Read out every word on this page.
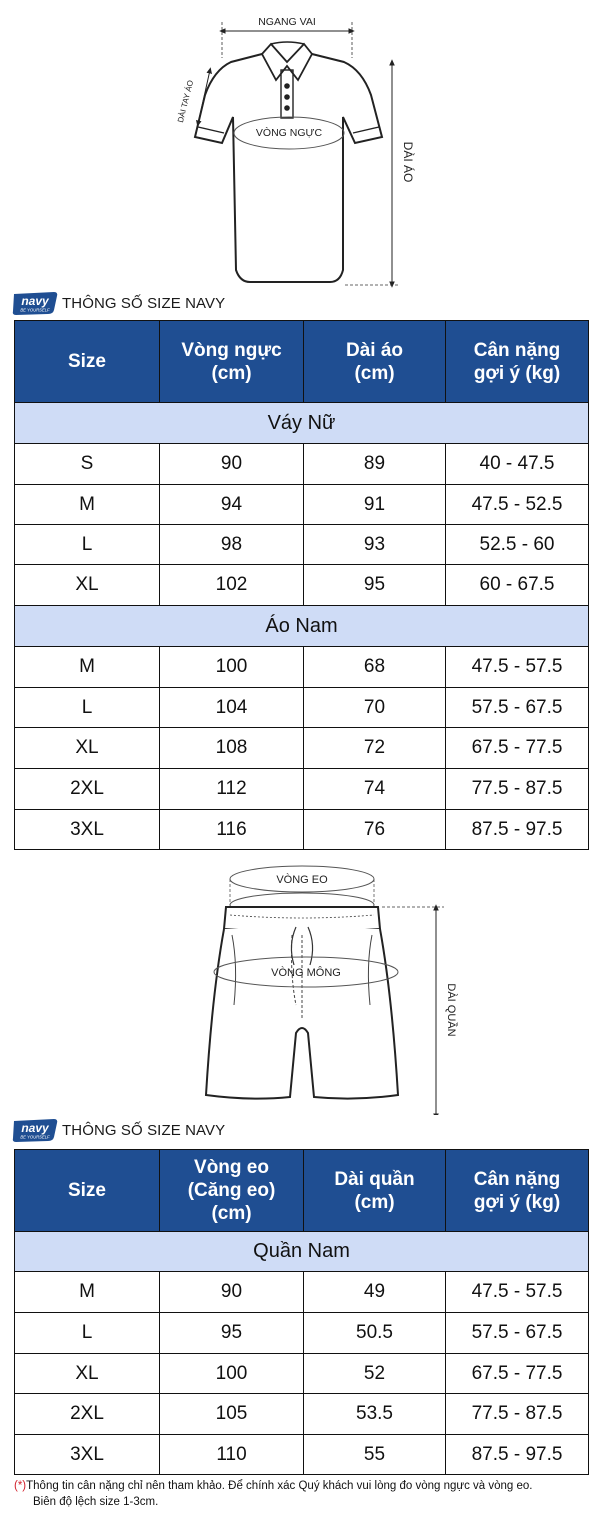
NGANG VAI
DÀI TAY ÁO
VÒNG NGỰC
DÀI ÁO
navy
BE YOURSELF THÔNG SỐ SIZE NAVY
Size	Vòng ngực (cm)	Dài áo (cm)	Cân nặng gợi ý (kg)

Váy Nữ			
S	90	89	40 - 47.5
M	94	91	47.5 - 52.5
L	98	93	52.5 - 60
XL	102	95	60 - 67.5
Áo Nam			
M	100	68	47.5 - 57.5
L	104	70	57.5 - 67.5
XL	108	72	67.5 - 77.5
2XL	112	74	77.5 - 87.5
3XL	116	76	87.5 - 97.5
VÒNG EO
VÒNG MÔNG
DÀI QUẦN
navy
BE YOURSELF THÔNG SỐ SIZE NAVY
Size	Vòng eo (Căng eo) (cm)	Dài quần (cm)	Cân nặng gợi ý (kg)

Quần Nam			
M	90	49	47.5 - 57.5
L	95	50.5	57.5 - 67.5
XL	100	52	67.5 - 77.5
2XL	105	53.5	77.5 - 87.5
3XL	110	55	87.5 - 97.5
(*)Thông tin cân nặng chỉ nên tham khảo. Để chính xác Quý khách vui lòng đo vòng ngực và vòng eo.
Biên độ lệch size 1-3cm.
